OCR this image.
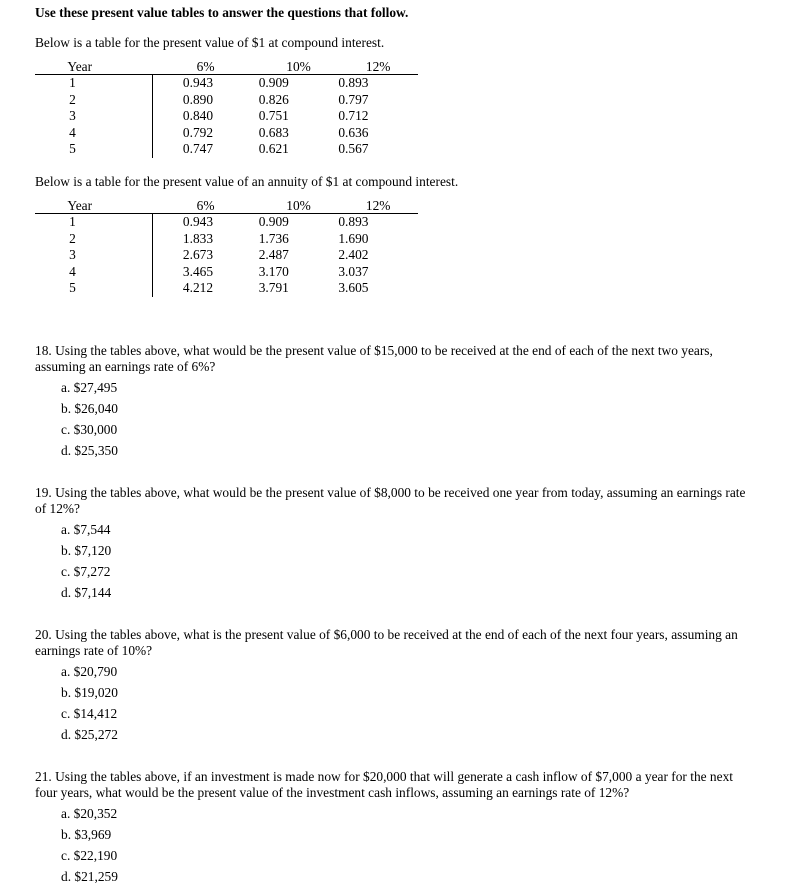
Use these present value tables to answer the questions that follow.

Below is a table for the present value of $1 at compound interest.

Year	6%	10%	12%
1	0.943	0.909	0.893
2	0.890	0.826	0.797
3	0.840	0.751	0.712
4	0.792	0.683	0.636
5	0.747	0.621	0.567

Below is a table for the present value of an annuity of $1 at compound interest.

Year	6%	10%	12%
1	0.943	0.909	0.893
2	1.833	1.736	1.690
3	2.673	2.487	2.402
4	3.465	3.170	3.037
5	4.212	3.791	3.605

18. Using the tables above, what would be the present value of $15,000 to be received at the end of each of the next two years, assuming an earnings rate of 6%?

a. $27,495
b. $26,040
c. $30,000
d. $25,350

19. Using the tables above, what would be the present value of $8,000 to be received one year from today, assuming an earnings rate of 12%?

a. $7,544
b. $7,120
c. $7,272
d. $7,144

20. Using the tables above, what is the present value of $6,000 to be received at the end of each of the next four years, assuming an earnings rate of 10%?

a. $20,790
b. $19,020
c. $14,412
d. $25,272

21. Using the tables above, if an investment is made now for $20,000 that will generate a cash inflow of $7,000 a year for the next four years, what would be the present value of the investment cash inflows, assuming an earnings rate of 12%?

a. $20,352
b. $3,969
c. $22,190
d. $21,259
